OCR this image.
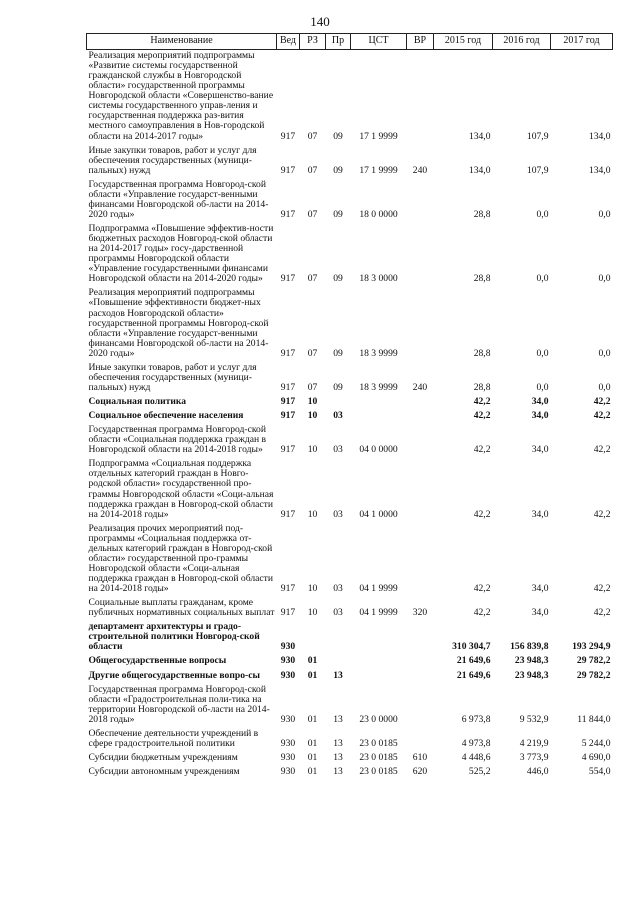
140
Наименование	Вед	РЗ	Пр	ЦСТ	ВР	2015 год	2016 год	2017 год
Реализация мероприятий подпрограммы «Развитие системы государственной гражданской службы в Новгородской области» государственной программы Новгородской области «Совершенство-вание системы государственного управ-ления и государственная поддержка раз-вития местного самоуправления в Нов-городской области на 2014-2017 годы»	917	07	09	17 1 9999		134,0	107,9	134,0
Иные закупки товаров, работ и услуг для обеспечения государственных (муници-пальных) нужд	917	07	09	17 1 9999	240	134,0	107,9	134,0
Государственная программа Новгород-ской области «Управление государст-венными финансами Новгородской об-ласти на 2014-2020 годы»	917	07	09	18 0 0000		28,8	0,0	0,0
Подпрограмма «Повышение эффектив-ности бюджетных расходов Новгород-ской области на 2014-2017 годы» госу-дарственной программы Новгородской области «Управление государственными финансами Новгородской области на 2014-2020 годы»	917	07	09	18 3 0000		28,8	0,0	0,0
Реализация мероприятий подпрограммы «Повышение эффективности бюджет-ных расходов Новгородской области» государственной программы Новгород-ской области «Управление государст-венными финансами Новгородской об-ласти на 2014-2020 годы»	917	07	09	18 3 9999		28,8	0,0	0,0
Иные закупки товаров, работ и услуг для обеспечения государственных (муници-пальных) нужд	917	07	09	18 3 9999	240	28,8	0,0	0,0
Социальная политика	917	10				42,2	34,0	42,2
Социальное обеспечение населения	917	10	03			42,2	34,0	42,2
Государственная программа Новгород-ской области «Социальная поддержка граждан в Новгородской области на 2014-2018 годы»	917	10	03	04 0 0000		42,2	34,0	42,2
Подпрограмма «Социальная поддержка отдельных категорий граждан в Новго-родской области» государственной про-граммы Новгородской области «Соци-альная поддержка граждан в Новгород-ской области на 2014-2018 годы»	917	10	03	04 1 0000		42,2	34,0	42,2
Реализация прочих мероприятий под-программы «Социальная поддержка от-дельных категорий граждан в Новгород-ской области» государственной про-граммы Новгородской области «Соци-альная поддержка граждан в Новгород-ской области на 2014-2018 годы»	917	10	03	04 1 9999		42,2	34,0	42,2
Социальные выплаты гражданам, кроме публичных нормативных социальных выплат	917	10	03	04 1 9999	320	42,2	34,0	42,2
департамент архитектуры и градо-строительной политики Новгород-ской области	930					310 304,7	156 839,8	193 294,9
Общегосударственные вопросы	930	01				21 649,6	23 948,3	29 782,2
Другие общегосударственные вопро-сы	930	01	13			21 649,6	23 948,3	29 782,2
Государственная программа Новгород-ской области «Градостроительная поли-тика на территории Новгородской об-ласти на 2014-2018 годы»	930	01	13	23 0 0000		6 973,8	9 532,9	11 844,0
Обеспечение деятельности учреждений в сфере градостроительной политики	930	01	13	23 0 0185		4 973,8	4 219,9	5 244,0
Субсидии бюджетным учреждениям	930	01	13	23 0 0185	610	4 448,6	3 773,9	4 690,0
Субсидии автономным учреждениям	930	01	13	23 0 0185	620	525,2	446,0	554,0
